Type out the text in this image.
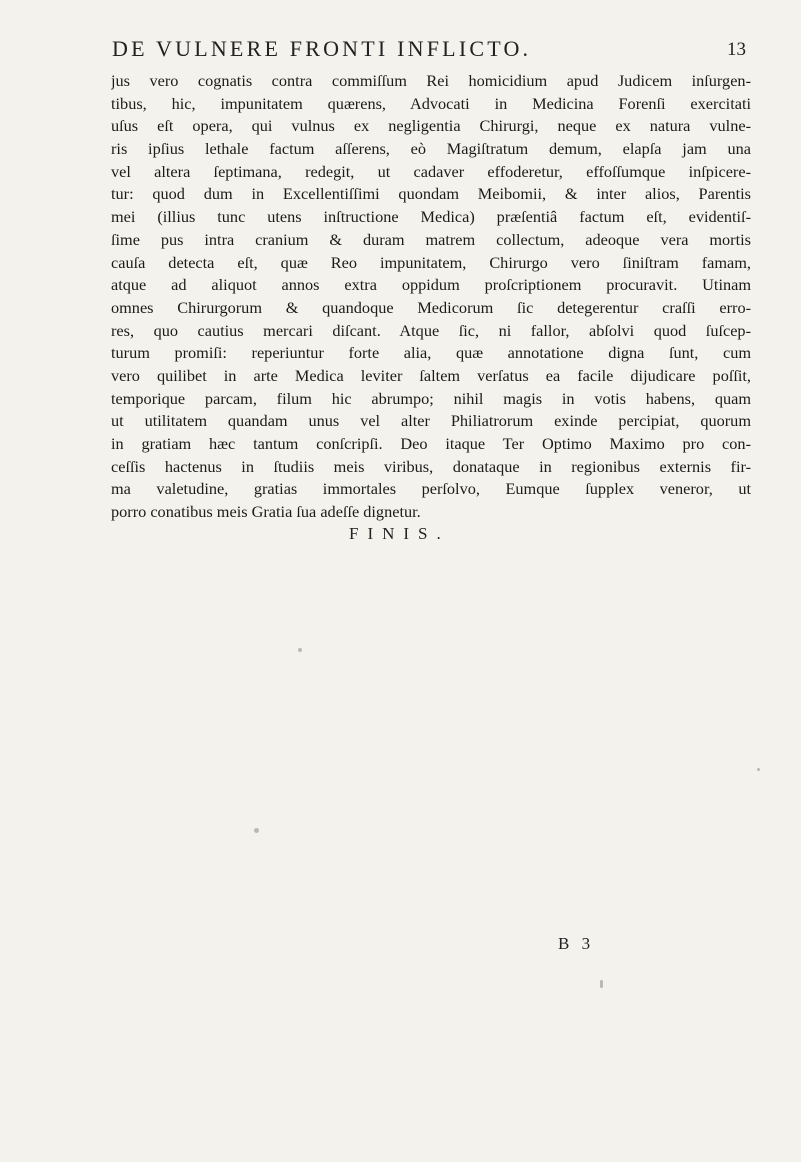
DE VULNERE FRONTI INFLICTO.	13
jus vero cognatis contra commiſſum Rei homicidium apud Judicem inſurgen-
tibus, hic, impunitatem quærens, Advocati in Medicina Forenſi exercitati
uſus eſt opera, qui vulnus ex negligentia Chirurgi, neque ex natura vulne-
ris ipſius lethale factum aſſerens, eò Magiſtratum demum, elapſa jam una
vel altera ſeptimana, redegit, ut cadaver effoderetur, effoſſumque inſpicere-
tur: quod dum in Excellentiſſimi quondam Meibomii, & inter alios, Parentis
mei (illius tunc utens inſtructione Medica) præſentiâ factum eſt, evidentiſ-
ſime pus intra cranium & duram matrem collectum, adeoque vera mortis
cauſa detecta eſt, quæ Reo impunitatem, Chirurgo vero ſiniſtram famam,
atque ad aliquot annos extra oppidum proſcriptionem procuravit. Utinam
omnes Chirurgorum & quandoque Medicorum ſic detegerentur craſſi erro-
res, quo cautius mercari diſcant. Atque ſic, ni fallor, abſolvi quod ſuſcep-
turum promiſi: reperiuntur forte alia, quæ annotatione digna ſunt, cum
vero quilibet in arte Medica leviter ſaltem verſatus ea facile dijudicare poſſit,
temporique parcam, filum hic abrumpo; nihil magis in votis habens, quam
ut utilitatem quandam unus vel alter Philiatrorum exinde percipiat, quorum
in gratiam hæc tantum conſcripſi. Deo itaque Ter Optimo Maximo pro con-
ceſſis hactenus in ſtudiis meis viribus, donataque in regionibus externis fir-
ma valetudine, gratias immortales perſolvo, Eumque ſupplex veneror, ut
porro conatibus meis Gratia ſua adeſſe dignetur.
FINIS.
B 3
